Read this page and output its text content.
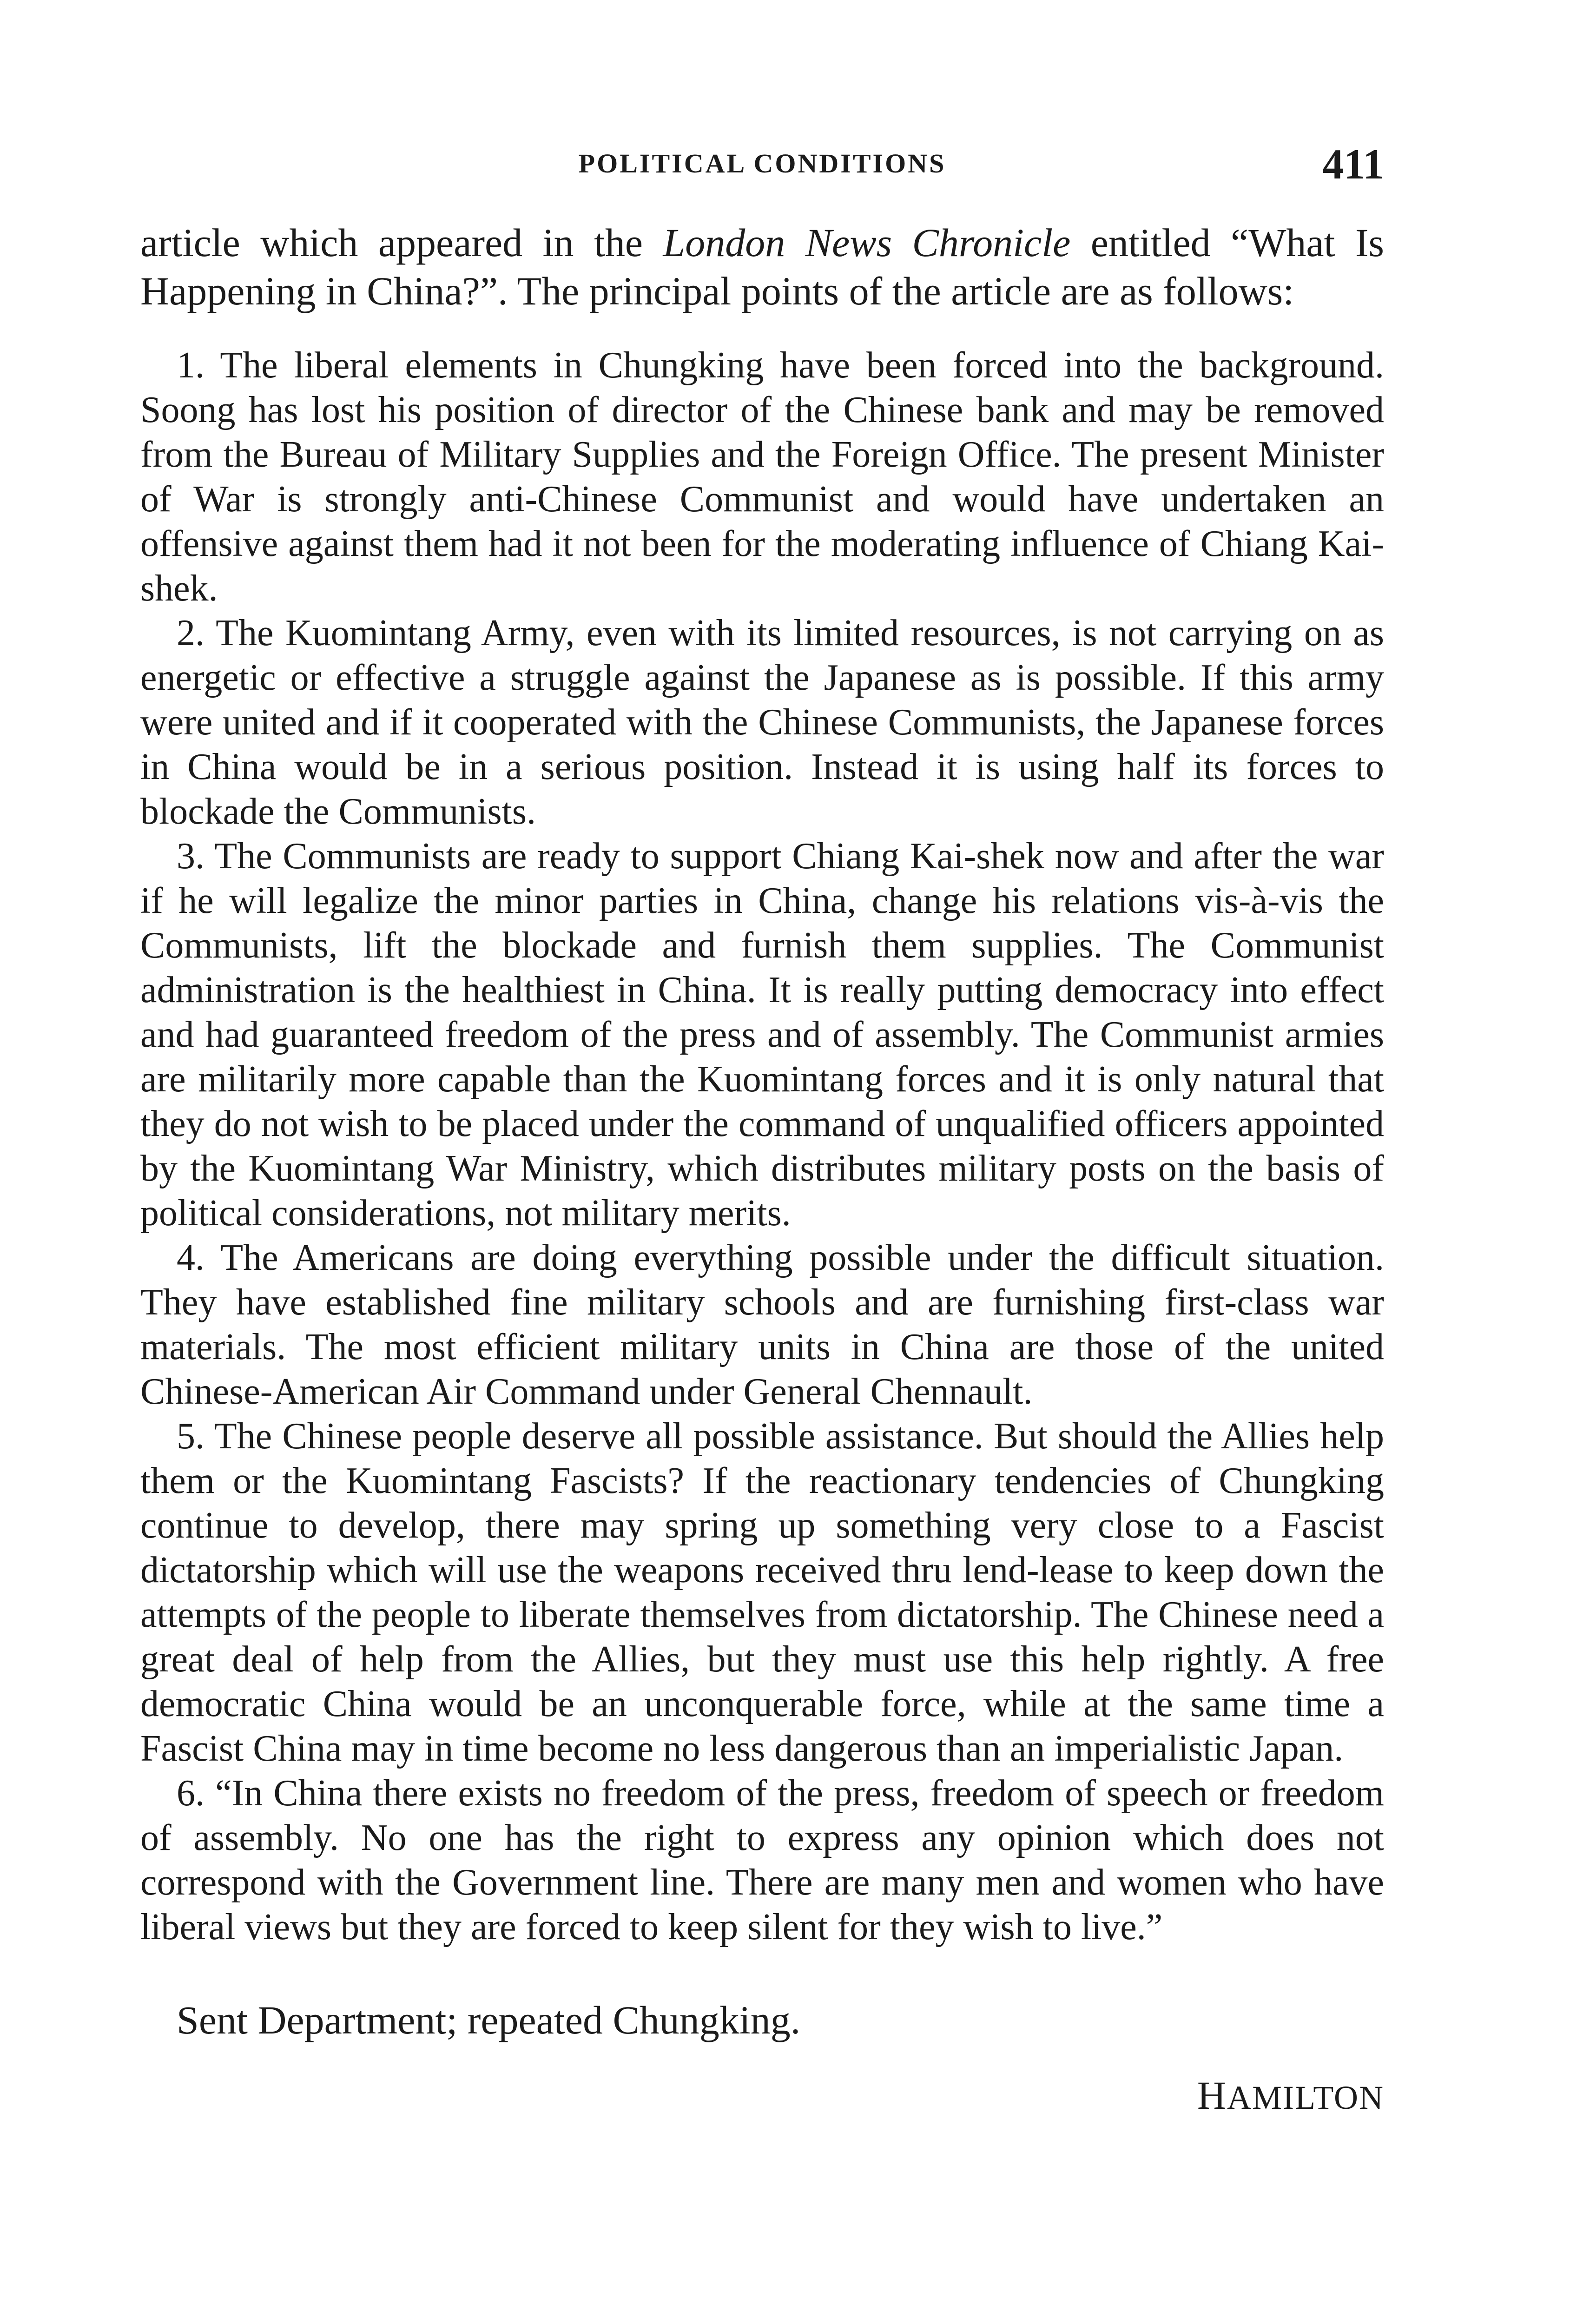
POLITICAL CONDITIONS	411

article which appeared in the London News Chronicle entitled “What Is Happening in China?”. The principal points of the article are as follows:

1. The liberal elements in Chungking have been forced into the background. Soong has lost his position of director of the Chinese bank and may be removed from the Bureau of Military Supplies and the Foreign Office. The present Minister of War is strongly anti-Chinese Communist and would have undertaken an offensive against them had it not been for the moderating influence of Chiang Kai-shek.

2. The Kuomintang Army, even with its limited resources, is not carrying on as energetic or effective a struggle against the Japanese as is possible. If this army were united and if it cooperated with the Chinese Communists, the Japanese forces in China would be in a serious position. Instead it is using half its forces to blockade the Communists.

3. The Communists are ready to support Chiang Kai-shek now and after the war if he will legalize the minor parties in China, change his relations vis-à-vis the Communists, lift the blockade and furnish them supplies. The Communist administration is the healthiest in China. It is really putting democracy into effect and had guaranteed freedom of the press and of assembly. The Communist armies are militarily more capable than the Kuomintang forces and it is only natural that they do not wish to be placed under the command of unqualified officers appointed by the Kuomintang War Ministry, which distributes military posts on the basis of political considerations, not military merits.

4. The Americans are doing everything possible under the difficult situation. They have established fine military schools and are furnishing first-class war materials. The most efficient military units in China are those of the united Chinese-American Air Command under General Chennault.

5. The Chinese people deserve all possible assistance. But should the Allies help them or the Kuomintang Fascists? If the reactionary tendencies of Chungking continue to develop, there may spring up something very close to a Fascist dictatorship which will use the weapons received thru lend-lease to keep down the attempts of the people to liberate themselves from dictatorship. The Chinese need a great deal of help from the Allies, but they must use this help rightly. A free democratic China would be an unconquerable force, while at the same time a Fascist China may in time become no less dangerous than an imperialistic Japan.

6. “In China there exists no freedom of the press, freedom of speech or freedom of assembly. No one has the right to express any opinion which does not correspond with the Government line. There are many men and women who have liberal views but they are forced to keep silent for they wish to live.”

Sent Department; repeated Chungking.

HAMILTON
